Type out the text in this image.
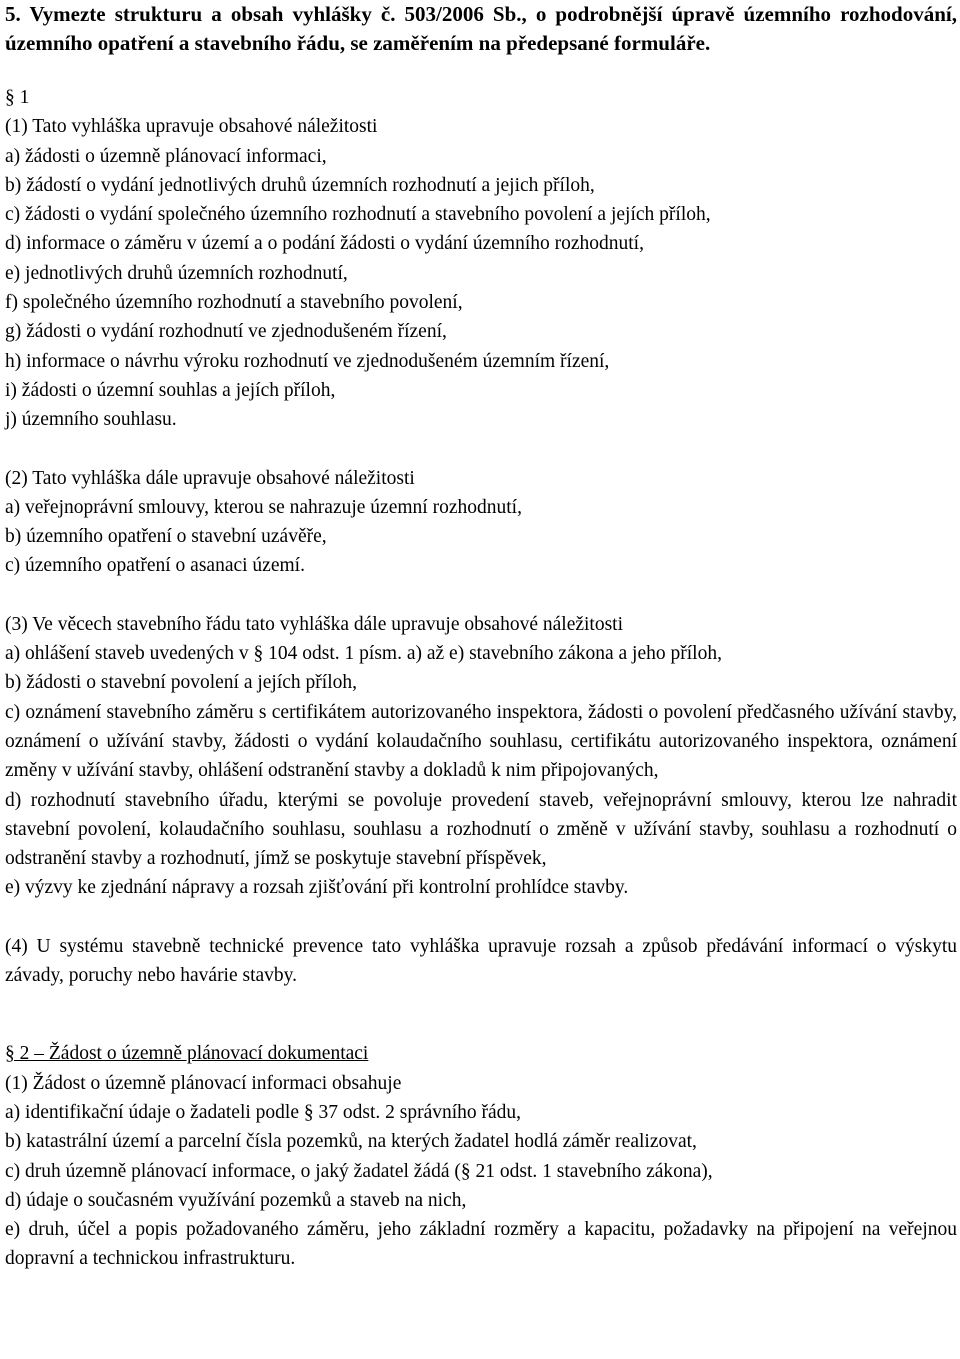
5. Vymezte strukturu a obsah vyhlášky č. 503/2006 Sb., o podrobnější úpravě územního rozhodování, územního opatření a stavebního řádu, se zaměřením na předepsané formuláře.

§ 1

(1) Tato vyhláška upravuje obsahové náležitosti

a) žádosti o územně plánovací informaci,

b) žádostí o vydání jednotlivých druhů územních rozhodnutí a jejich příloh,

c) žádosti o vydání společného územního rozhodnutí a stavebního povolení a jejích příloh,

d) informace o záměru v území a o podání žádosti o vydání územního rozhodnutí,

e) jednotlivých druhů územních rozhodnutí,

f) společného územního rozhodnutí a stavebního povolení,

g) žádosti o vydání rozhodnutí ve zjednodušeném řízení,

h) informace o návrhu výroku rozhodnutí ve zjednodušeném územním řízení,

i) žádosti o územní souhlas a jejích příloh,

j) územního souhlasu.

(2) Tato vyhláška dále upravuje obsahové náležitosti

a) veřejnoprávní smlouvy, kterou se nahrazuje územní rozhodnutí,

b) územního opatření o stavební uzávěře,

c) územního opatření o asanaci území.

(3) Ve věcech stavebního řádu tato vyhláška dále upravuje obsahové náležitosti

a) ohlášení staveb uvedených v § 104 odst. 1 písm. a) až e) stavebního zákona a jeho příloh,

b) žádosti o stavební povolení a jejích příloh,

c) oznámení stavebního záměru s certifikátem autorizovaného inspektora, žádosti o povolení předčasného užívání stavby, oznámení o užívání stavby, žádosti o vydání kolaudačního souhlasu, certifikátu autorizovaného inspektora, oznámení změny v užívání stavby, ohlášení odstranění stavby a dokladů k nim připojovaných,

d) rozhodnutí stavebního úřadu, kterými se povoluje provedení staveb, veřejnoprávní smlouvy, kterou lze nahradit stavební povolení, kolaudačního souhlasu, souhlasu a rozhodnutí o změně v užívání stavby, souhlasu a rozhodnutí o odstranění stavby a rozhodnutí, jímž se poskytuje stavební příspěvek,

e) výzvy ke zjednání nápravy a rozsah zjišťování při kontrolní prohlídce stavby.

(4) U systému stavebně technické prevence tato vyhláška upravuje rozsah a způsob předávání informací o výskytu závady, poruchy nebo havárie stavby.

§ 2 – Žádost o územně plánovací dokumentaci

(1) Žádost o územně plánovací informaci obsahuje

a) identifikační údaje o žadateli podle § 37 odst. 2 správního řádu,

b) katastrální území a parcelní čísla pozemků, na kterých žadatel hodlá záměr realizovat,

c) druh územně plánovací informace, o jaký žadatel žádá (§ 21 odst. 1 stavebního zákona),

d) údaje o současném využívání pozemků a staveb na nich,

e) druh, účel a popis požadovaného záměru, jeho základní rozměry a kapacitu, požadavky na připojení na veřejnou dopravní a technickou infrastrukturu.
